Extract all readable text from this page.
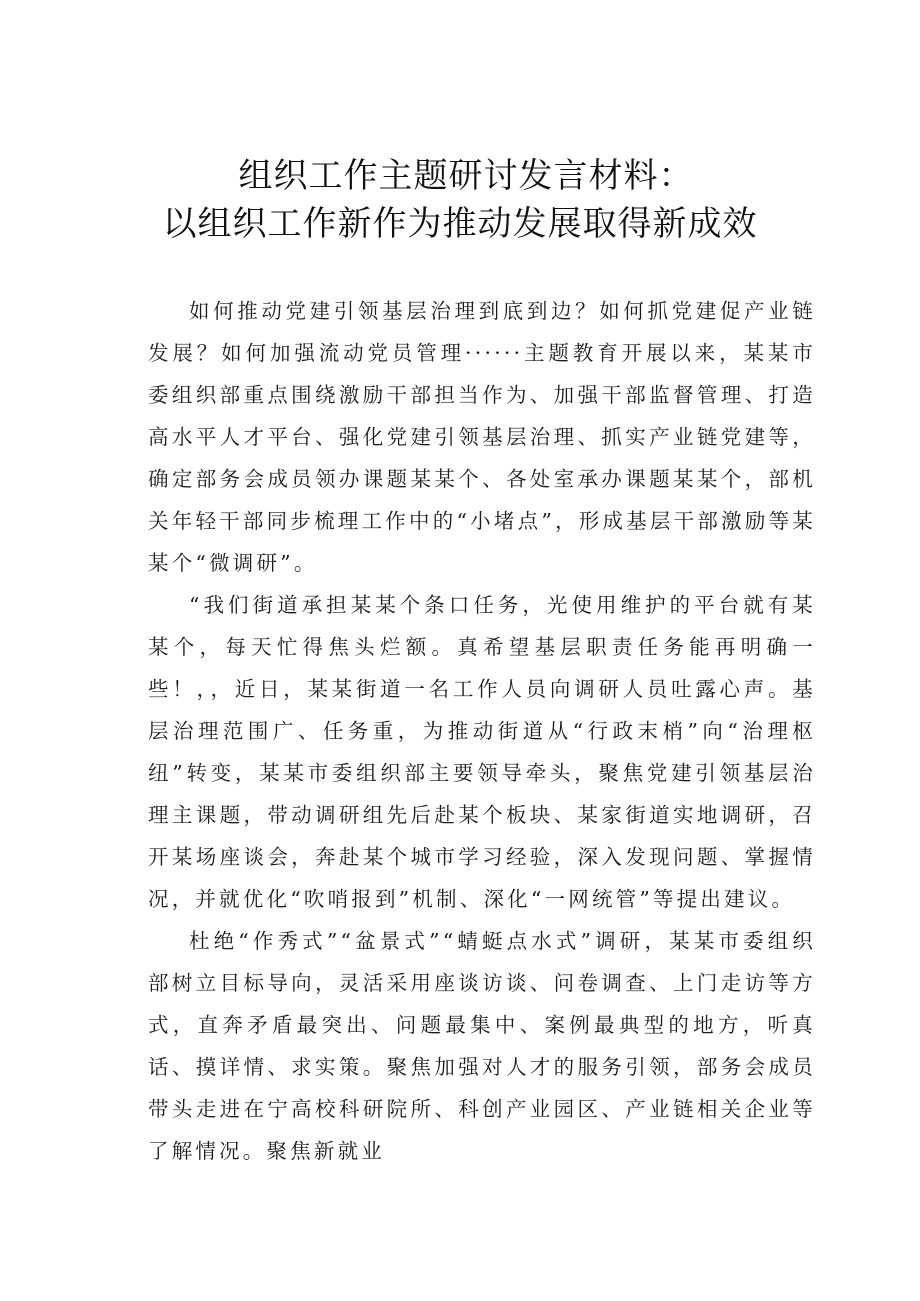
组织工作主题研讨发言材料：
以组织工作新作为推动发展取得新成效

如何推动党建引领基层治理到底到边？如何抓党建促产业链发展？如何加强流动党员管理······主题教育开展以来，某某市委组织部重点围绕激励干部担当作为、加强干部监督管理、打造高水平人才平台、强化党建引领基层治理、抓实产业链党建等，确定部务会成员领办课题某某个、各处室承办课题某某个，部机关年轻干部同步梳理工作中的“小堵点”，形成基层干部激励等某某个“微调研”。

“我们街道承担某某个条口任务，光使用维护的平台就有某某个，每天忙得焦头烂额。真希望基层职责任务能再明确一些！，，近日，某某街道一名工作人员向调研人员吐露心声。基层治理范围广、任务重，为推动街道从“行政末梢”向“治理枢纽”转变，某某市委组织部主要领导牵头，聚焦党建引领基层治理主课题，带动调研组先后赴某个板块、某家街道实地调研，召开某场座谈会，奔赴某个城市学习经验，深入发现问题、掌握情况，并就优化“吹哨报到”机制、深化“一网统管”等提出建议。

杜绝“作秀式”“盆景式”“蜻蜓点水式”调研，某某市委组织部树立目标导向，灵活采用座谈访谈、问卷调查、上门走访等方式，直奔矛盾最突出、问题最集中、案例最典型的地方，听真话、摸详情、求实策。聚焦加强对人才的服务引领，部务会成员带头走进在宁高校科研院所、科创产业园区、产业链相关企业等了解情况。聚焦新就业
